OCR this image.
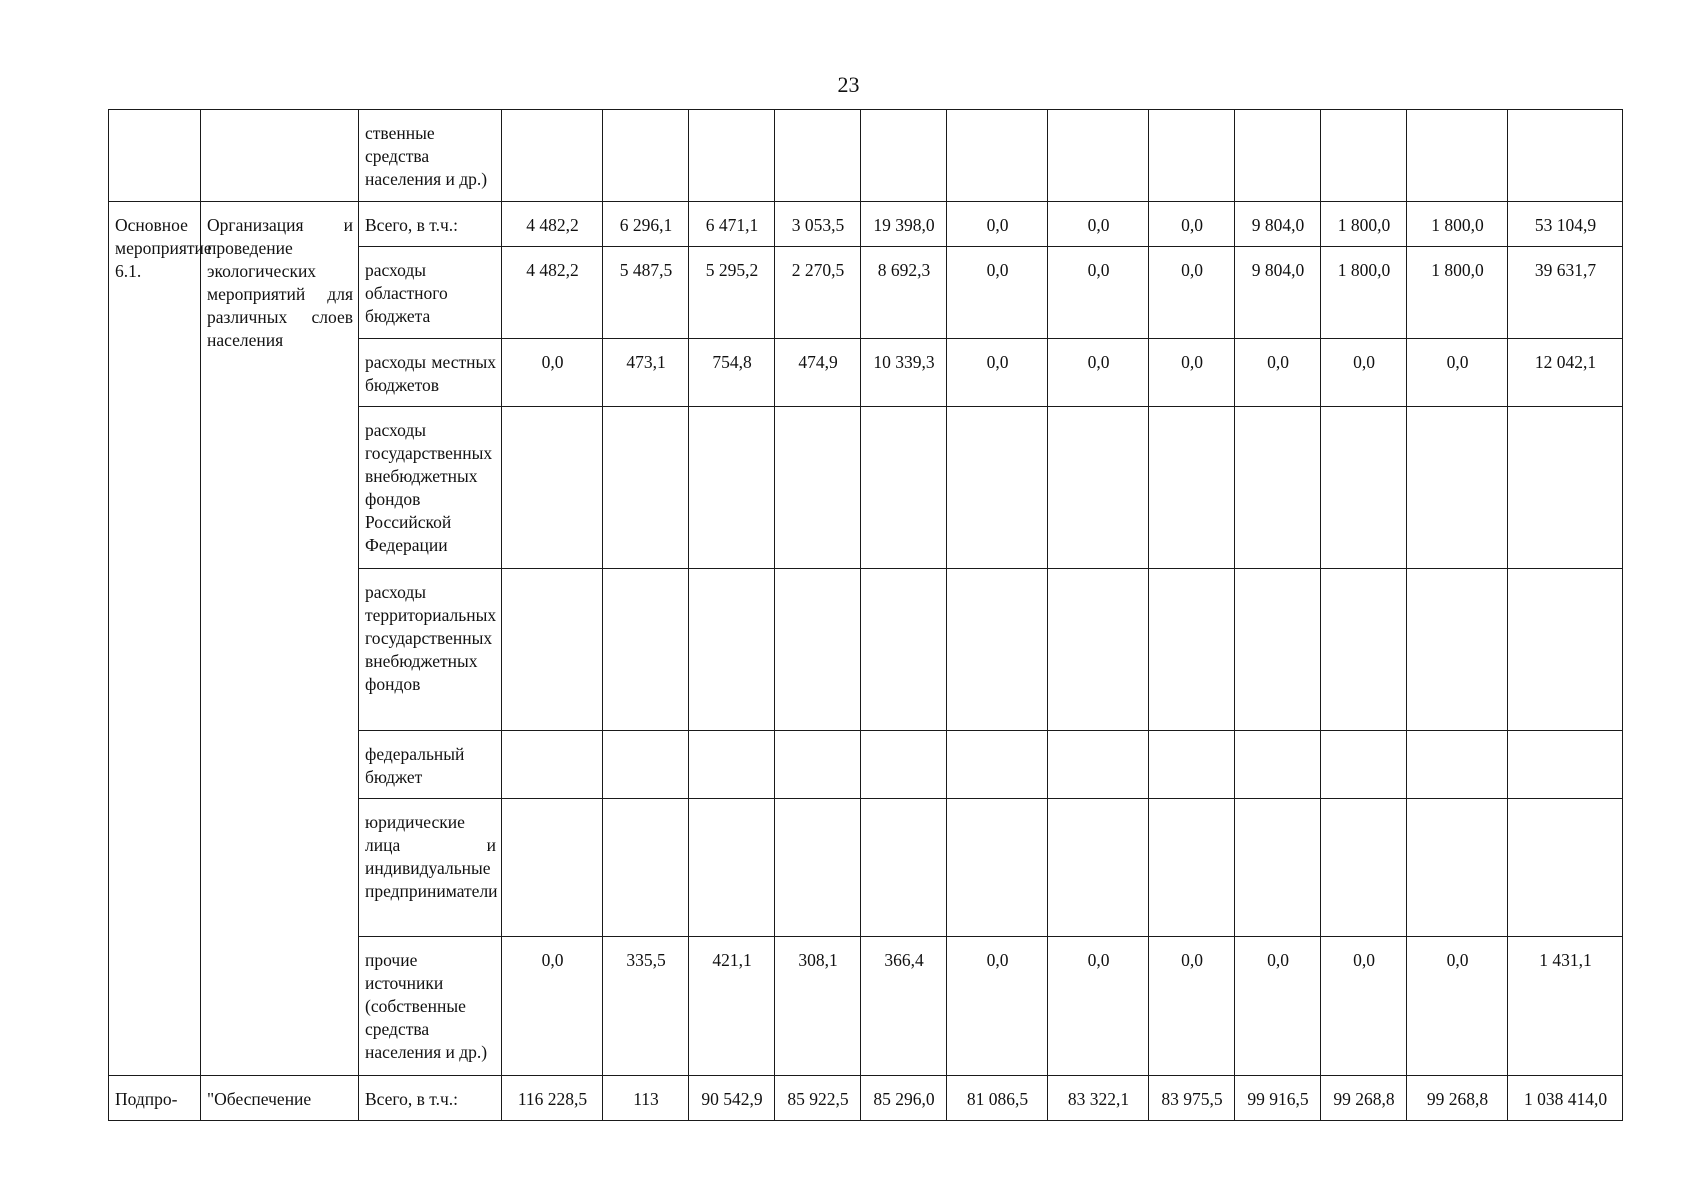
23
		ственные средства населения и др.)												
Основное мероприятие 6.1.	Организация и проведение экологических мероприятий для различных слоев населения	Всего, в т.ч.:	4 482,2	6 296,1	6 471,1	3 053,5	19 398,0	0,0	0,0	0,0	9 804,0	1 800,0	1 800,0	53 104,9
		расходы областного бюджета	4 482,2	5 487,5	5 295,2	2 270,5	8 692,3	0,0	0,0	0,0	9 804,0	1 800,0	1 800,0	39 631,7
		расходы местных бюджетов	0,0	473,1	754,8	474,9	10 339,3	0,0	0,0	0,0	0,0	0,0	0,0	12 042,1
		расходы государственных внебюджетных фондов Российской Федерации												
		расходы территориальных государственных внебюджетных фондов												
		федеральный бюджет												
		юридические лица и индивидуальные предприниматели												
		прочие источники (собственные средства населения и др.)	0,0	335,5	421,1	308,1	366,4	0,0	0,0	0,0	0,0	0,0	0,0	1 431,1
Подпро-	"Обеспечение	Всего, в т.ч.:	116 228,5	113	90 542,9	85 922,5	85 296,0	81 086,5	83 322,1	83 975,5	99 916,5	99 268,8	99 268,8	1 038 414,0
